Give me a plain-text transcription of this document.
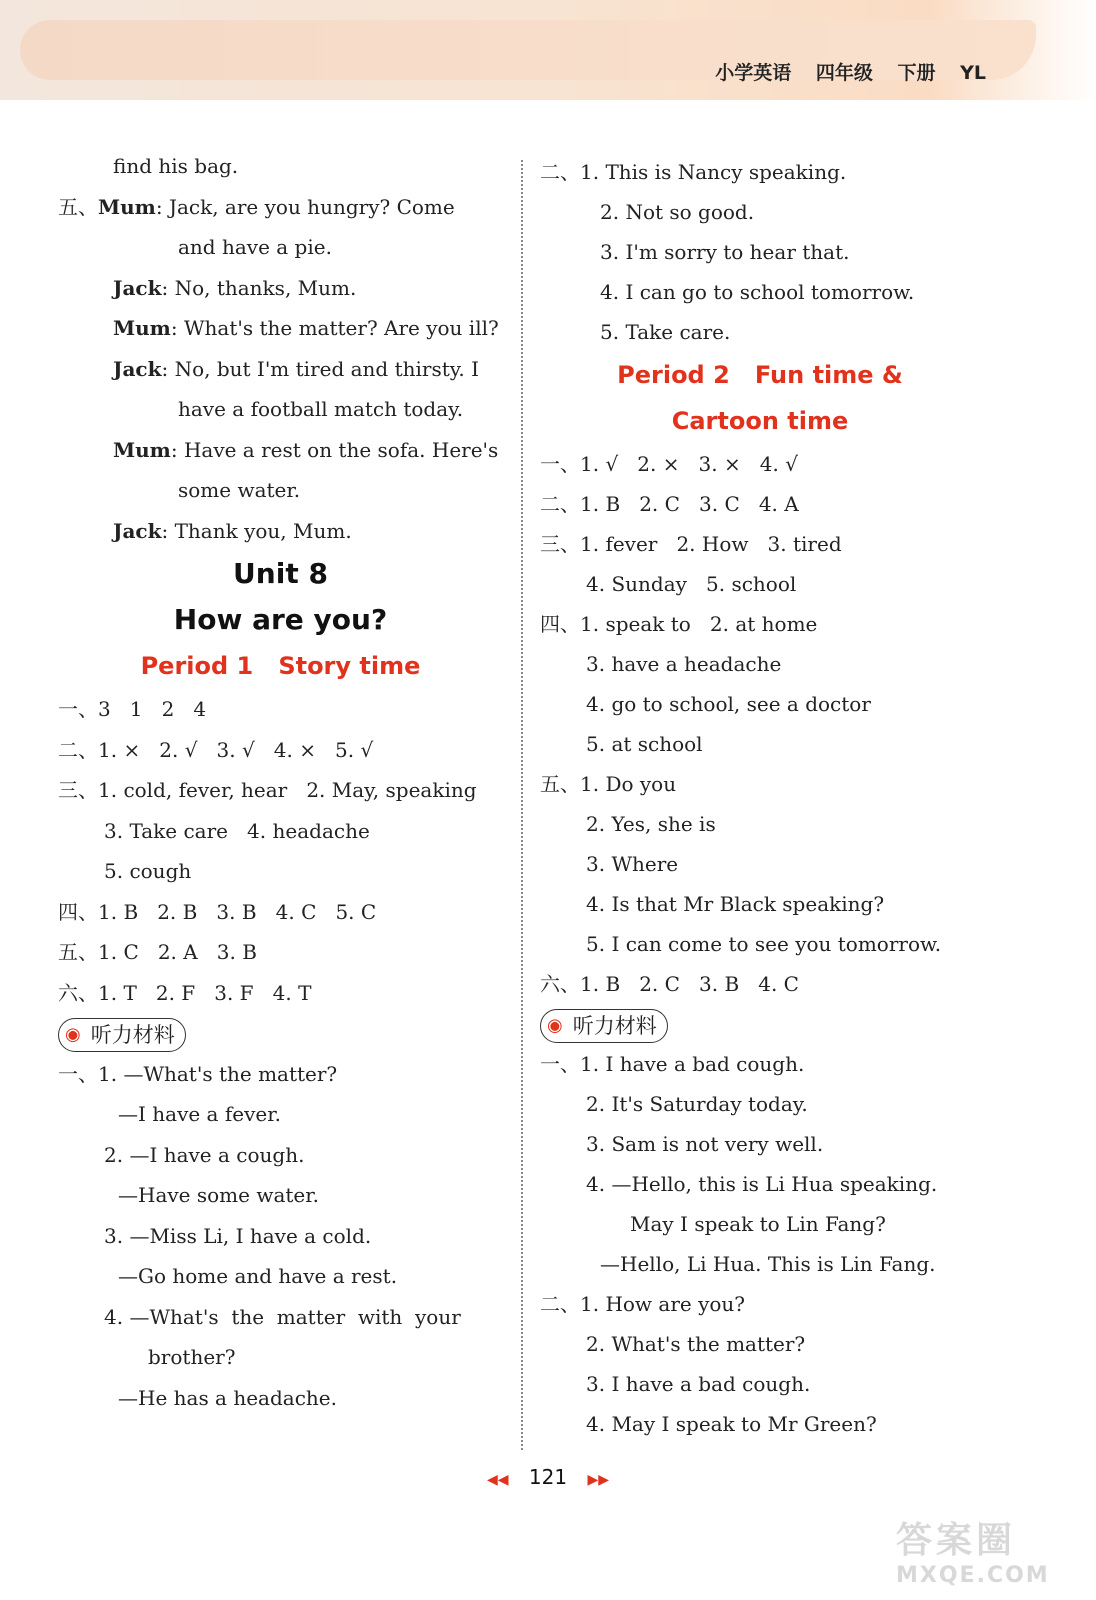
小学英语 四年级 下册 YL
find his bag.
五、Mum: Jack, are you hungry? Come
and have a pie.
Jack: No, thanks, Mum.
Mum: What's the matter? Are you ill?
Jack: No, but I'm tired and thirsty. I
have a football match today.
Mum: Have a rest on the sofa. Here's
some water.
Jack: Thank you, Mum.
Unit 8
How are you?
Period 1   Story time
一、3   1   2   4
二、1. ×   2. √   3. √   4. ×   5. √
三、1. cold, fever, hear   2. May, speaking
3. Take care   4. headache
5. cough
四、1. B   2. B   3. B   4. C   5. C
五、1. C   2. A   3. B
六、1. T   2. F   3. F   4. T
◉ 听力材料
一、1. —What's the matter?
—I have a fever.
2. —I have a cough.
—Have some water.
3. —Miss Li, I have a cold.
—Go home and have a rest.
4. —What's  the  matter  with  your
brother?
—He has a headache.
二、1. This is Nancy speaking.
2. Not so good.
3. I'm sorry to hear that.
4. I can go to school tomorrow.
5. Take care.
Period 2   Fun time &
Cartoon time
一、1. √   2. ×   3. ×   4. √
二、1. B   2. C   3. C   4. A
三、1. fever   2. How   3. tired
4. Sunday   5. school
四、1. speak to   2. at home
3. have a headache
4. go to school, see a doctor
5. at school
五、1. Do you
2. Yes, she is
3. Where
4. Is that Mr Black speaking?
5. I can come to see you tomorrow.
六、1. B   2. C   3. B   4. C
◉ 听力材料
一、1. I have a bad cough.
2. It's Saturday today.
3. Sam is not very well.
4. —Hello, this is Li Hua speaking.
May I speak to Lin Fang?
—Hello, Li Hua. This is Lin Fang.
二、1. How are you?
2. What's the matter?
3. I have a bad cough.
4. May I speak to Mr Green?
◀◀ 121 ▶▶
答案圈
MXQE.COM
